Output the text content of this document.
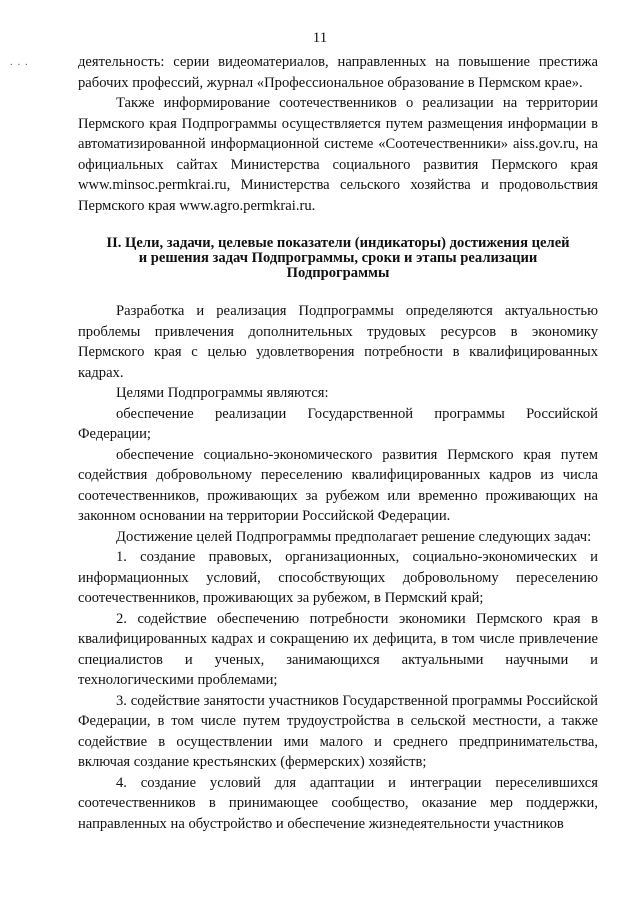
11
. . .	деятельность: серии видеоматериалов, направленных на повышение престижа рабочих профессий, журнал «Профессиональное образование в Пермском крае».

Также информирование соотечественников о реализации на территории Пермского края Подпрограммы осуществляется путем размещения информации в автоматизированной информационной системе «Соотечественники» aiss.gov.ru, на официальных сайтах Министерства социального развития Пермского края www.minsoc.permkrai.ru, Министерства сельского хозяйства и продовольствия Пермского края www.agro.permkrai.ru.

II. Цели, задачи, целевые показатели (индикаторы) достижения целей
и решения задач Подпрограммы, сроки и этапы реализации
Подпрограммы

Разработка и реализация Подпрограммы определяются актуальностью проблемы привлечения дополнительных трудовых ресурсов в экономику Пермского края с целью удовлетворения потребности в квалифицированных кадрах.

Целями Подпрограммы являются:

обеспечение реализации Государственной программы Российской Федерации;

обеспечение социально-экономического развития Пермского края путем содействия добровольному переселению квалифицированных кадров из числа соотечественников, проживающих за рубежом или временно проживающих на законном основании на территории Российской Федерации.

Достижение целей Подпрограммы предполагает решение следующих задач:

1. создание правовых, организационных, социально-экономических и информационных условий, способствующих добровольному переселению соотечественников, проживающих за рубежом, в Пермский край;

2. содействие обеспечению потребности экономики Пермского края в квалифицированных кадрах и сокращению их дефицита, в том числе привлечение специалистов и ученых, занимающихся актуальными научными и технологическими проблемами;

3. содействие занятости участников Государственной программы Российской Федерации, в том числе путем трудоустройства в сельской местности, а также содействие в осуществлении ими малого и среднего предпринимательства, включая создание крестьянских (фермерских) хозяйств;

4. создание условий для адаптации и интеграции переселившихся соотечественников в принимающее сообщество, оказание мер поддержки, направленных на обустройство и обеспечение жизнедеятельности участников
